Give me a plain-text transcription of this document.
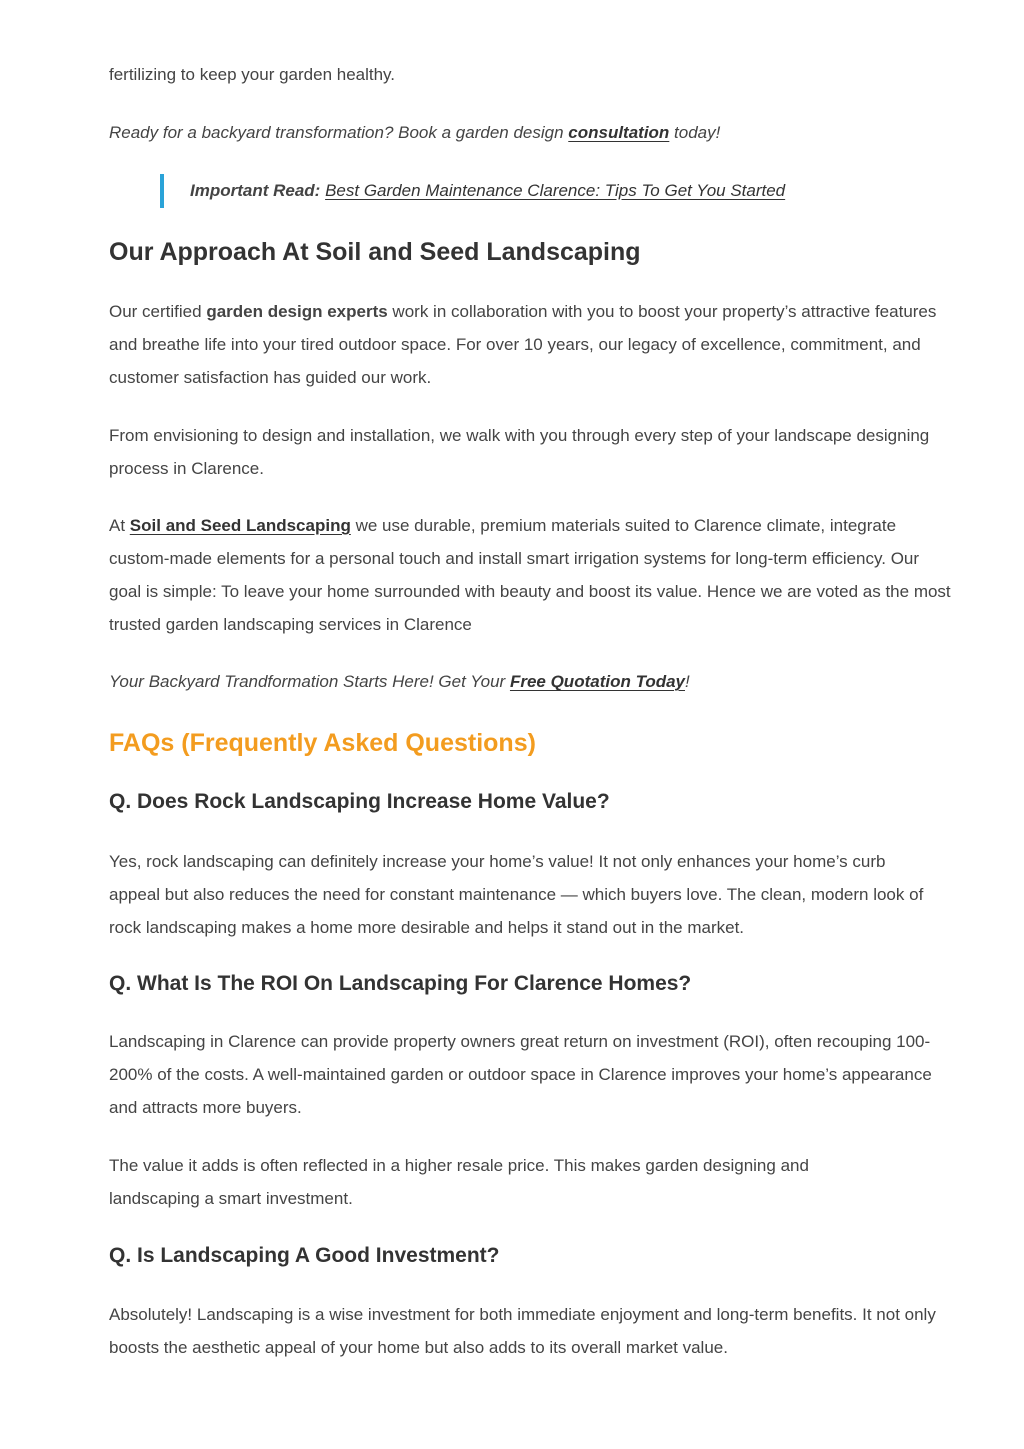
fertilizing to keep your garden healthy.

Ready for a backyard transformation? Book a garden design consultation today!

Important Read: Best Garden Maintenance Clarence: Tips To Get You Started
Our Approach At Soil and Seed Landscaping

Our certified garden design experts work in collaboration with you to boost your property’s attractive features and breathe life into your tired outdoor space. For over 10 years, our legacy of excellence, commitment, and customer satisfaction has guided our work.

From envisioning to design and installation, we walk with you through every step of your landscape designing process in Clarence.

At Soil and Seed Landscaping we use durable, premium materials suited to Clarence climate, integrate custom-made elements for a personal touch and install smart irrigation systems for long-term efficiency. Our goal is simple: To leave your home surrounded with beauty and boost its value. Hence we are voted as the most trusted garden landscaping services in Clarence

Your Backyard Trandformation Starts Here! Get Your Free Quotation Today!

FAQs (Frequently Asked Questions)
Q. Does Rock Landscaping Increase Home Value?

Yes, rock landscaping can definitely increase your home’s value! It not only enhances your home’s curb appeal but also reduces the need for constant maintenance — which buyers love. The clean, modern look of rock landscaping makes a home more desirable and helps it stand out in the market.

Q. What Is The ROI On Landscaping For Clarence Homes?

Landscaping in Clarence can provide property owners great return on investment (ROI), often recouping 100-200% of the costs. A well-maintained garden or outdoor space in Clarence improves your home’s appearance and attracts more buyers.

The value it adds is often reflected in a higher resale price. This makes garden designing and landscaping a smart investment.

Q. Is Landscaping A Good Investment?

Absolutely! Landscaping is a wise investment for both immediate enjoyment and long-term benefits. It not only boosts the aesthetic appeal of your home but also adds to its overall market value.
